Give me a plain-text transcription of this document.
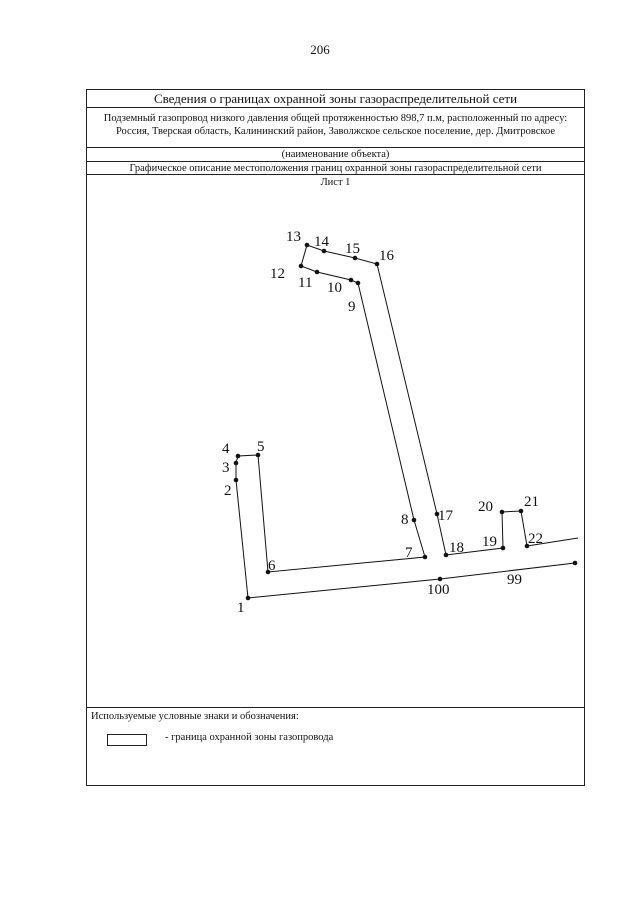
206
Сведения о границах охранной зоны газораспределительной сети
Подземный газопровод низкого давления общей протяженностью 898,7 п.м, расположенный по адресу:
Россия, Тверская область, Калининский район, Заволжское сельское поселение, дер. Дмитровское
(наименование объекта)
Графическое описание местоположения границ охранной зоны газораспределительной сети
Лист 1
Используемые условные знаки и обозначения:
- граница охранной зоны газопровода
1
2
3
4 5
6
7
8
9
10
11
12
13 14 15 16
17
18 19
20 21
22
99
100
